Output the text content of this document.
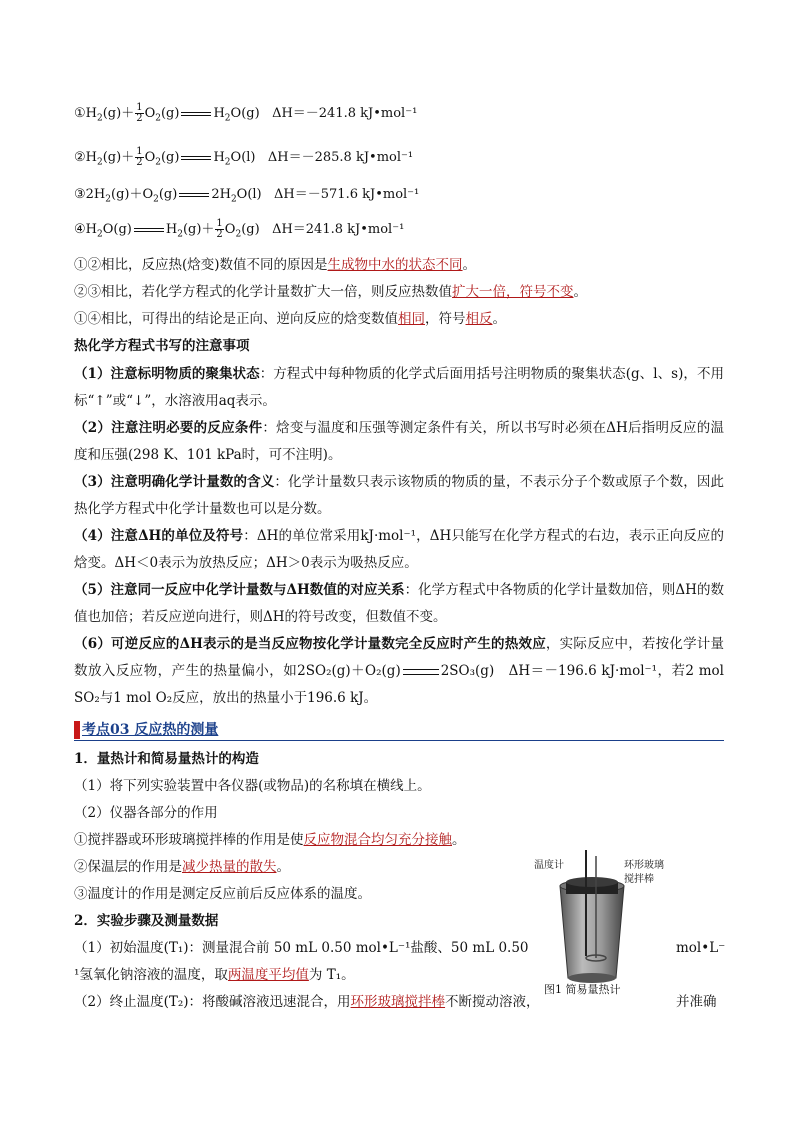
$①H_2(g)+ \frac{1}{2} O_2(g)$	$H_2O(g)$   ΔH＝－241.8 kJ•mol⁻¹
$②H_2(g)+ \frac{1}{2} O_2(g)$	$H_2O(l)$   ΔH＝－285.8 kJ•mol⁻¹
$③2H_2(g)+O_2(g)$	$2H_2O(l)$   ΔH＝－571.6 kJ•mol⁻¹
$④H_2O(g)$	$H_2(g)+ \frac{1}{2} O_2(g)$   ΔH＝241.8 kJ•mol⁻¹
①②相比，反应热(焓变)数值不同的原因是生成物中水的状态不同。
②③相比，若化学方程式的化学计量数扩大一倍，则反应热数值扩大一倍，符号不变。
①④相比，可得出的结论是正向、逆向反应的焓变数值相同，符号相反。
热化学方程式书写的注意事项
（1）注意标明物质的聚集状态：方程式中每种物质的化学式后面用括号注明物质的聚集状态(g、l、s)，不用标“↑”或“↓”，水溶液用aq表示。
（2）注意注明必要的反应条件：焓变与温度和压强等测定条件有关，所以书写时必须在ΔH后指明反应的温度和压强(298 K、101 kPa时，可不注明)。
（3）注意明确化学计量数的含义：化学计量数只表示该物质的物质的量，不表示分子个数或原子个数，因此热化学方程式中化学计量数也可以是分数。
（4）注意ΔH的单位及符号：ΔH的单位常采用kJ·mol⁻¹，ΔH只能写在化学方程式的右边，表示正向反应的焓变。ΔH＜0表示为放热反应；ΔH＞0表示为吸热反应。
（5）注意同一反应中化学计量数与ΔH数值的对应关系：化学方程式中各物质的化学计量数加倍，则ΔH的数值也加倍；若反应逆向进行，则ΔH的符号改变，但数值不变。
（6）可逆反应的ΔH表示的是当反应物按化学计量数完全反应时产生的热效应，实际反应中，若按化学计量数放入反应物，产生的热量偏小，如2SO₂(g)＋O₂(g)	2SO₃(g)　ΔH＝－196.6 kJ·mol⁻¹，若2 mol SO₂与1 mol O₂反应，放出的热量小于196.6 kJ。
考点03 反应热的测量
1．量热计和简易量热计的构造
（1）将下列实验装置中各仪器(或物品)的名称填在横线上。
（2）仪器各部分的作用
①搅拌器或环形玻璃搅拌棒的作用是使反应物混合均匀充分接触。
②保温层的作用是减少热量的散失。
③温度计的作用是测定反应前后反应体系的温度。
2．实验步骤及测量数据
（1）初始温度(T₁)：测量混合前 50 mL 0.50 mol•L⁻¹盐酸、50 mL 0.50	mol•L⁻
¹氢氧化钠溶液的温度，取两温度平均值为 T₁。
（2）终止温度(T₂)：将酸碱溶液迅速混合，用环形玻璃搅拌棒不断搅动溶液，	并准确
温度计	环形玻璃
搅拌棒
图1 简易量热计
